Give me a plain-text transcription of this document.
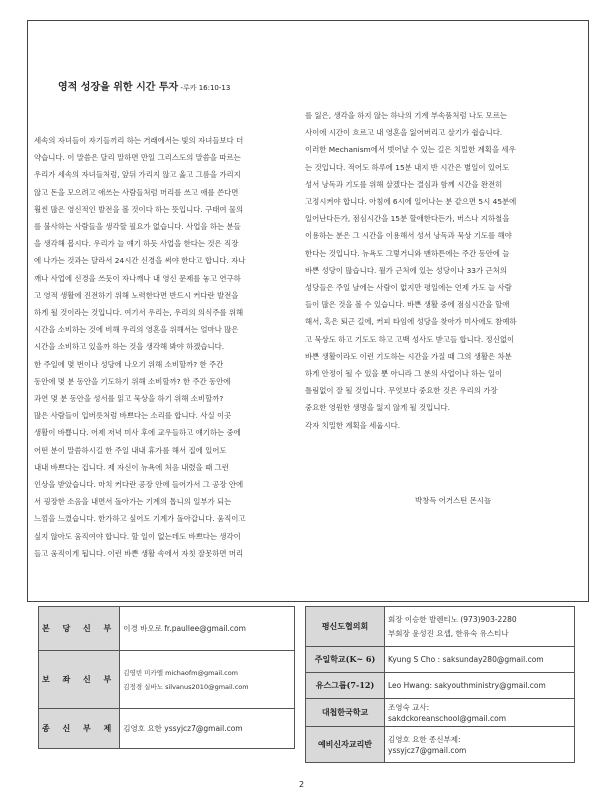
영적 성장을 위한 시간 투자 -루카 16:10-13

세속의 자녀들이 자기들끼리 하는 거래에서는 빛의 자녀들보다 더

약습니다. 이 말씀은 달리 말하면 만일 그리스도의 말씀을 따르는

우리가 세속의 자녀들처럼, 앞뒤 가리지 않고 옳고 그름을 가리지

않고 돈을 모으려고 애쓰는 사람들처럼 머리를 쓰고 애를 쓴다면

훨씬 많은 영신적인 발전을 볼 것이다 하는 뜻입니다. 구태여 물의

를 불사하는 사람들을 생각할 필요가 없습니다. 사업을 하는 분들

을 생각해 봅시다. 우리가 늘 얘기 하듯 사업을 한다는 것은 직장

에 나가는 것과는 달라서 24시간 신경을 써야 한다고 합니다. 자나

깨나 사업에 신경을 쓰듯이 자나깨나 내 영신 문제를 놓고 연구하

고 영적 생활에 진전하기 위해 노력한다면 반드시 커다란 발전을

하게 될 것이라는 것입니다. 여기서 우리는, 우리의 의식주를 위해

시간을 소비하는 것에 비해 우리의 영혼을 위해서는 얼마나 많은

시간을 소비하고 있을까 하는 것을 생각해 봐야 하겠습니다.

한 주일에 몇 번이나 성당에 나오기 위해 소비할까? 한 주간

동안에 몇 분 동안을 기도하기 위해 소비할까? 한 주간 동안에

과연 몇 분 동안을 성서를 읽고 묵상을 하기 위해 소비할까?

많은 사람들이 입버릇처럼 바쁘다는 소리를 합니다. 사실 이곳

생활이 바쁩니다. 어제 저녁 미사 후에 교우들하고 얘기하는 중에

어떤 분이 말씀하시길 한 주일 내내 휴가를 해서 집에 있어도

내내 바쁘다는 겁니다. 제 자신이 뉴욕에 처음 내렸을 때 그런

인상을 받았습니다. 마치 커다란 공장 안에 들어가서 그 공장 안에

서 굉장한 소음을 내면서 돌아가는 기계의 톱니의 일부가 되는

느낌을 느꼈습니다. 한가하고 싶어도 기계가 돌아갑니다. 움직이고

싶지 않아도 움직여야 합니다. 할 일이 없는데도 바쁘다는 생각이

들고 움직이게 됩니다. 이런 바쁜 생활 속에서 자칫 잘못하면 머리

를 잃은, 생각을 하지 않는 하나의 기계 부속품처럼 나도 모르는

사이에 시간이 흐르고 내 영혼을 잃어버리고 살기가 쉽습니다.

이러한 Mechanism에서 벗어날 수 있는 길은 치밀한 계획을 세우

는 것입니다. 적어도 하루에 15분 내지 반 시간은 별일이 있어도

성서 낭독과 기도를 위해 살겠다는 결심과 함께 시간을 완전히

고정시켜야 합니다. 아침에 6시에 일어나는 분 같으면 5시 45분에

일어난다든가, 점심시간을 15분 할애한다든가, 버스나 지하철을

이용하는 분은 그 시간을 이용해서 성서 낭독과 묵상 기도를 해야

한다는 것입니다. 뉴욕도 그렇거니와 맨하튼에는 주간 동안에 늘

바쁜 성당이 많습니다. 월가 근처에 있는 성당이나 33가 근처의

성당들은 주일 날에는 사람이 없지만 평일에는 언제 가도 늘 사람

들이 많은 것을 볼 수 있습니다. 바쁜 생활 중에 점심시간을 할애

해서, 혹은 퇴근 길에, 커피 타임에 성당을 찾아가 미사에도 참예하

고 묵상도 하고 기도도 하고 고백 성사도 받고들 합니다. 정신없이

바쁜 생활이라도 이런 기도하는 시간을 가질 때 그의 생활은 차분

하게 안정이 될 수 있을 뿐 아니라 그 분의 사업이나 하는 일이

틀림없이 잘 될 것입니다. 무엇보다 중요한 것은 우리의 가장

중요한 영원한 생명을 잃지 않게 될 것입니다.

각자 치밀한 계획을 세웁시다.

박창득 어거스틴 몬시뇰
본 당 신 부	이경 바오로 fr.paullee@gmail.com

보 좌 신 부	김영빈 미카엘 michaofm@gmail.com
김정경 실바노 silvanus2010@gmail.com

종 신 부 제	김영호 요한 yssyjcz7@gmail.com
평신도협의회	회장 이승한 발렌티노 (973)903-2280
부회장 윤성진 요셉, 한유숙 유스티나

주일학교(K~ 6)	Kyung S Cho : saksunday280@gmail.com

유스그룹(7-12)	Leo Hwang: sakyouthministry@gmail.com

대첩한국학교	조영숙 교사:
sakdckoreanschool@gmail.com

예비신자교리반	김영호 요한 종신부제:
yssyjcz7@gmail.com
2
